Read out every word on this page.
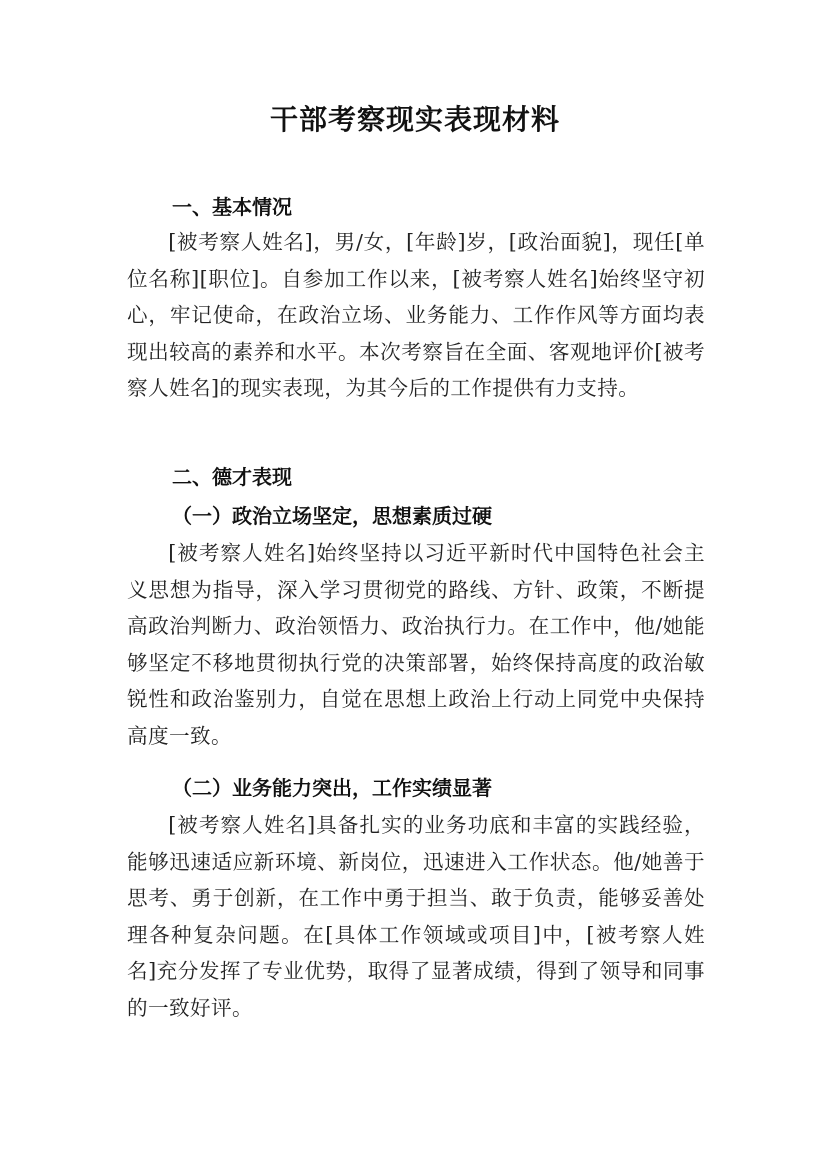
干部考察现实表现材料
一、基本情况

[被考察人姓名]，男/女，[年龄]岁，[政治面貌]，现任[单位名称][职位]。自参加工作以来，[被考察人姓名]始终坚守初心，牢记使命，在政治立场、业务能力、工作作风等方面均表现出较高的素养和水平。本次考察旨在全面、客观地评价[被考察人姓名]的现实表现，为其今后的工作提供有力支持。

二、德才表现
（一）政治立场坚定，思想素质过硬

[被考察人姓名]始终坚持以习近平新时代中国特色社会主义思想为指导，深入学习贯彻党的路线、方针、政策，不断提高政治判断力、政治领悟力、政治执行力。在工作中，他/她能够坚定不移地贯彻执行党的决策部署，始终保持高度的政治敏锐性和政治鉴别力，自觉在思想上政治上行动上同党中央保持高度一致。

（二）业务能力突出，工作实绩显著

[被考察人姓名]具备扎实的业务功底和丰富的实践经验，能够迅速适应新环境、新岗位，迅速进入工作状态。他/她善于思考、勇于创新，在工作中勇于担当、敢于负责，能够妥善处理各种复杂问题。在[具体工作领域或项目]中，[被考察人姓名]充分发挥了专业优势，取得了显著成绩，得到了领导和同事的一致好评。
